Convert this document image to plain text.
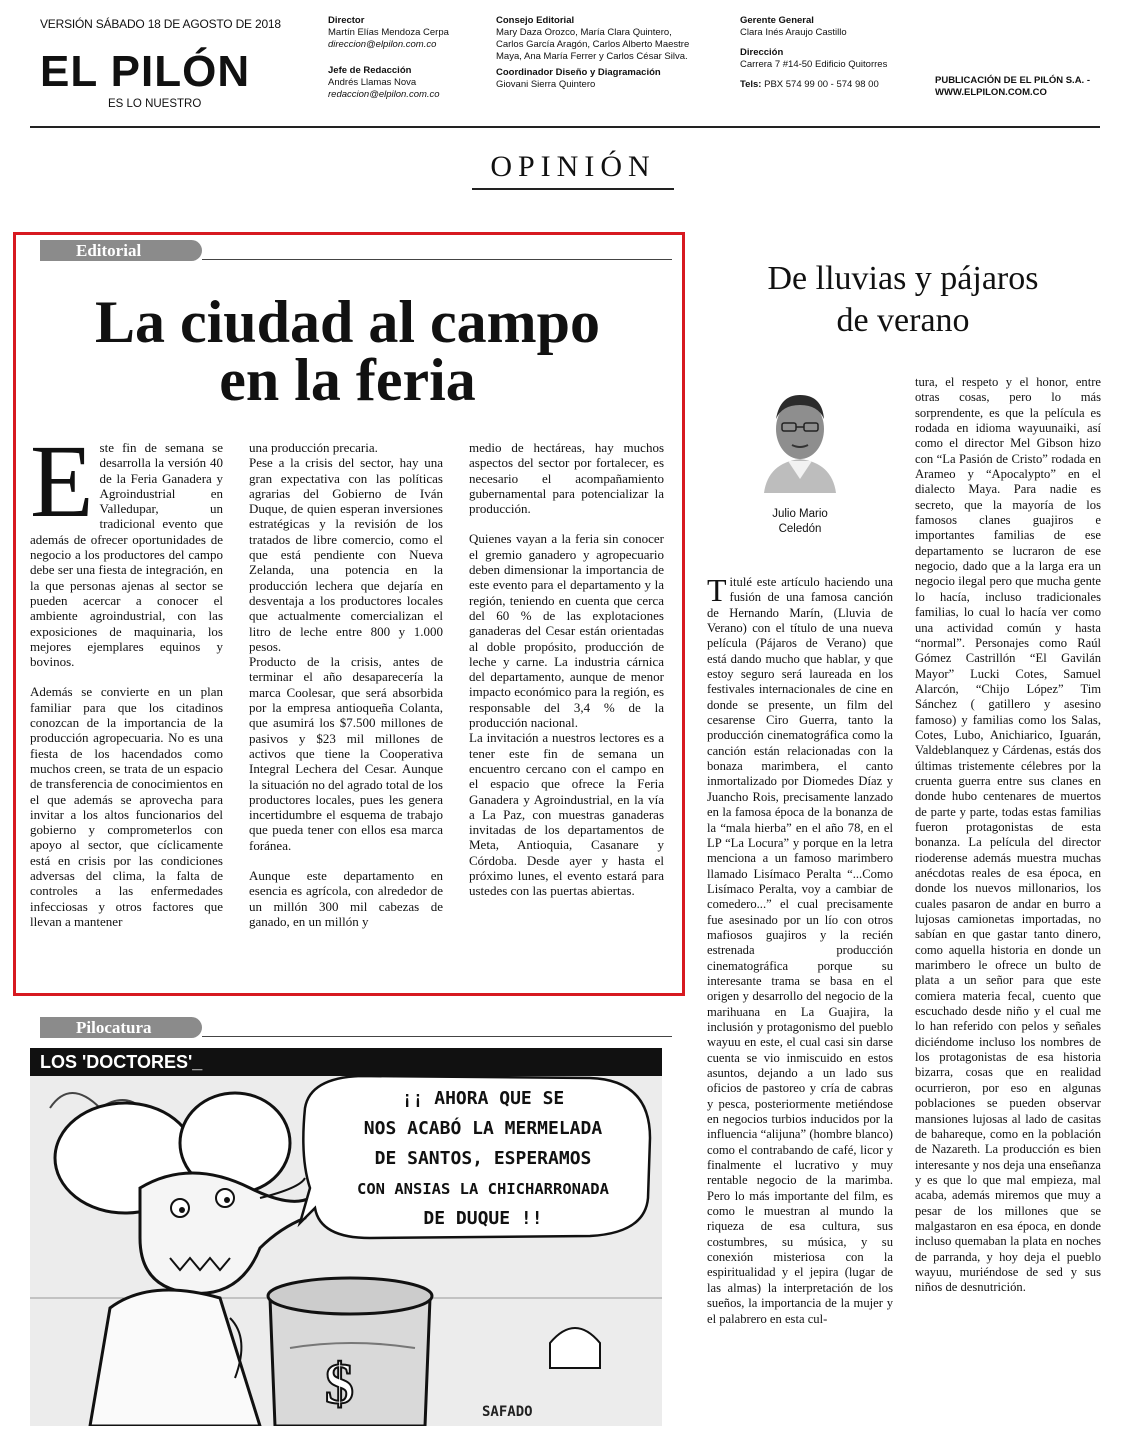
VERSIÓN SÁBADO 18 DE AGOSTO DE 2018
EL PILÓN
ES LO NUESTRO
Director
Martín Elías Mendoza Cerpa
direccion@elpilon.com.co
Jefe de Redacción
Andrés Llamas Nova
redaccion@elpilon.com.co
Consejo Editorial
Mary Daza Orozco, María Clara Quintero,
Carlos García Aragón, Carlos Alberto Maestre
Maya, Ana María Ferrer y Carlos César Silva.
Coordinador Diseño y Diagramación
Giovani Sierra Quintero
Gerente General
Clara Inés Araujo Castillo
Dirección
Carrera 7 #14-50 Edificio Quitorres
Tels: PBX 574 99 00 - 574 98 00	PUBLICACIÓN DE EL PILÓN S.A. -
WWW.ELPILON.COM.CO
OPINIÓN
Editorial
La ciudad al campo
en la feria

Este fin de semana se desarrolla la versión 40 de la Feria Ganadera y Agroindustrial en Valledupar, un tradicional evento que además de ofrecer oportunidades de negocio a los productores del campo debe ser una fiesta de integración, en la que personas ajenas al sector se pueden acercar a conocer el ambiente agroindustrial, con las exposiciones de maquinaria, los mejores ejemplares equinos y bovinos.

Además se convierte en un plan familiar para que los citadinos conozcan de la importancia de la producción agropecuaria. No es una fiesta de los hacendados como muchos creen, se trata de un espacio de transferencia de conocimientos en el que además se aprovecha para invitar a los altos funcionarios del gobierno y comprometerlos con apoyo al sector, que cíclicamente está en crisis por las condiciones adversas del clima, la falta de controles a las enfermedades infecciosas y otros factores que llevan a mantener

una producción precaria.

Pese a la crisis del sector, hay una gran expectativa con las políticas agrarias del Gobierno de Iván Duque, de quien esperan inversiones estratégicas y la revisión de los tratados de libre comercio, como el que está pendiente con Nueva Zelanda, una potencia en la producción lechera que dejaría en desventaja a los productores locales que actualmente comercializan el litro de leche entre 800 y 1.000 pesos.

Producto de la crisis, antes de terminar el año desaparecería la marca Coolesar, que será absorbida por la empresa antioqueña Colanta, que asumirá los $7.500 millones de pasivos y $23 mil millones de activos que tiene la Cooperativa Integral Lechera del Cesar. Aunque la situación no del agrado total de los productores locales, pues les genera incertidumbre el esquema de trabajo que pueda tener con ellos esa marca foránea.

Aunque este departamento en esencia es agrícola, con alrededor de un millón 300 mil cabezas de ganado, en un millón y

medio de hectáreas, hay muchos aspectos del sector por fortalecer, es necesario el acompañamiento gubernamental para potencializar la producción.

Quienes vayan a la feria sin conocer el gremio ganadero y agropecuario deben dimensionar la importancia de este evento para el departamento y la región, teniendo en cuenta que cerca del 60 % de las explotaciones ganaderas del Cesar están orientadas al doble propósito, producción de leche y carne. La industria cárnica del departamento, aunque de menor impacto económico para la región, es responsable del 3,4 % de la producción nacional.

La invitación a nuestros lectores es a tener este fin de semana un encuentro cercano con el campo en el espacio que ofrece la Feria Ganadera y Agroindustrial, en la vía a La Paz, con muestras ganaderas invitadas de los departamentos de Meta, Antioquia, Casanare y Córdoba. Desde ayer y hasta el próximo lunes, el evento estará para ustedes con las puertas abiertas.

Pilocatura
$	SAFADO
LOS 'DOCTORES'_
¡¡ AHORA QUE SE
NOS ACABÓ LA MERMELADA
DE SANTOS, ESPERAMOS
CON ANSIAS LA CHICHARRONADA
DE DUQUE !!
De lluvias y pájaros
de verano
Julio Mario
Celedón
Titulé este artículo haciendo una fusión de una famosa canción de Hernando Marín, (Lluvia de Verano) con el título de una nueva película (Pájaros de Verano) que está dando mucho que hablar, y que estoy seguro será laureada en los festivales internacionales de cine en donde se presente, un film del cesarense Ciro Guerra, tanto la producción cinematográfica como la canción están relacionadas con la bonaza marimbera, el canto inmortalizado por Diomedes Díaz y Juancho Rois, precisamente lanzado en la famosa época de la bonanza de la “mala hierba” en el año 78, en el LP “La Locura” y porque en la letra menciona a un famoso marimbero llamado Lisímaco Peralta “...Como Lisímaco Peralta, voy a cambiar de comedero...” el cual precisamente fue asesinado por un lío con otros mafiosos guajiros y la recién estrenada producción cinematográfica porque su interesante trama se basa en el origen y desarrollo del negocio de la marihuana en La Guajira, la inclusión y protagonismo del pueblo wayuu en este, el cual casi sin darse cuenta se vio inmiscuido en estos asuntos, dejando a un lado sus oficios de pastoreo y cría de cabras y pesca, posteriormente metiéndose en negocios turbios inducidos por la influencia “alijuna” (hombre blanco) como el contrabando de café, licor y finalmente el lucrativo y muy rentable negocio de la marimba. Pero lo más importante del film, es como le muestran al mundo la riqueza de esa cultura, sus costumbres, su música, y su conexión misteriosa con la espiritualidad y el jepira (lugar de las almas) la interpretación de los sueños, la importancia de la mujer y el palabrero en esta cul-
tura, el respeto y el honor, entre otras cosas, pero lo más sorprendente, es que la película es rodada en idioma wayuunaiki, así como el director Mel Gibson hizo con “La Pasión de Cristo” rodada en Arameo y “Apocalypto” en el dialecto Maya. Para nadie es secreto, que la mayoría de los famosos clanes guajiros e importantes familias de ese departamento se lucraron de ese negocio, dado que a la larga era un negocio ilegal pero que mucha gente lo hacía, incluso tradicionales familias, lo cual lo hacía ver como una actividad común y hasta “normal”. Personajes como Raúl Gómez Castrillón “El Gavilán Mayor” Lucki Cotes, Samuel Alarcón, “Chijo López” Tim Sánchez ( gatillero y asesino famoso) y familias como los Salas, Cotes, Lubo, Anichiarico, Iguarán, Valdeblanquez y Cárdenas, estás dos últimas tristemente célebres por la cruenta guerra entre sus clanes en donde hubo centenares de muertos de parte y parte, todas estas familias fueron protagonistas de esta bonanza. La película del director rioderense además muestra muchas anécdotas reales de esa época, en donde los nuevos millonarios, los cuales pasaron de andar en burro a lujosas camionetas importadas, no sabían en que gastar tanto dinero, como aquella historia en donde un marimbero le ofrece un bulto de plata a un señor para que este comiera materia fecal, cuento que escuchado desde niño y el cual me lo han referido con pelos y señales diciéndome incluso los nombres de los protagonistas de esa historia bizarra, cosas que en realidad ocurrieron, por eso en algunas poblaciones se pueden observar mansiones lujosas al lado de casitas de bahareque, como en la población de Nazareth. La producción es bien interesante y nos deja una enseñanza y es que lo que mal empieza, mal acaba, además miremos que muy a pesar de los millones que se malgastaron en esa época, en donde incluso quemaban la plata en noches de parranda, y hoy deja el pueblo wayuu, muriéndose de sed y sus niños de desnutrición.
